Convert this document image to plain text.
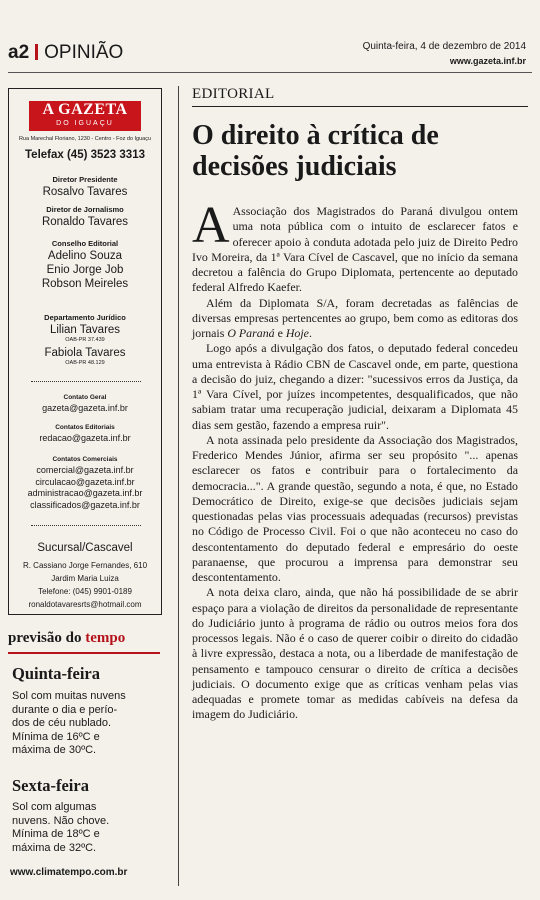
a2 OPINIÃO	Quinta-feira, 4 de dezembro de 2014
www.gazeta.inf.br
A GAZETA
DO IGUAÇU
Rua Marechal Floriano, 1230 - Centro - Foz do Iguaçu
Telefax (45) 3523 3313
Diretor Presidente
Rosalvo Tavares
Diretor de Jornalismo
Ronaldo Tavares
Conselho Editorial
Adelino Souza
Enio Jorge Job
Robson Meireles
Departamento Jurídico
Lilian Tavares
OAB-PR 37.439
Fabiola Tavares
OAB-PR 48.129
Contato Geral
gazeta@gazeta.inf.br
Contatos Editoriais
redacao@gazeta.inf.br
Contatos Comerciais
comercial@gazeta.inf.br
circulacao@gazeta.inf.br
administracao@gazeta.inf.br
classificados@gazeta.inf.br
Sucursal/Cascavel
R. Cassiano Jorge Fernandes, 610
Jardim Maria Luiza
Telefone: (045) 9901-0189
ronaldotavaresrts@hotmail.com
previsão do tempo
Quinta-feira
Sol com muitas nuvens
durante o dia e perío-
dos de céu nublado.
Mínima de 16ºC e
máxima de 30ºC.
Sexta-feira
Sol com algumas
nuvens. Não chove.
Mínima de 18ºC e
máxima de 32ºC.
www.climatempo.com.br
EDITORIAL
O direito à crítica de decisões judiciais

A Associação dos Magistrados do Paraná divulgou ontem uma nota pública com o intuito de esclarecer fatos e oferecer apoio à conduta adotada pelo juiz de Direito Pedro Ivo Moreira, da 1ª Vara Cível de Cascavel, que no início da semana decretou a falência do Grupo Diplomata, pertencente ao deputado federal Alfredo Kaefer.

Além da Diplomata S/A, foram decretadas as falências de diversas empresas pertencentes ao grupo, bem como as editoras dos jornais O Paraná e Hoje.

Logo após a divulgação dos fatos, o deputado federal concedeu uma entrevista à Rádio CBN de Cascavel onde, em parte, questiona a decisão do juiz, chegando a dizer: "sucessivos erros da Justiça, da 1ª Vara Cível, por juízes incompetentes, desqualificados, que não sabiam tratar uma recuperação judicial, deixaram a Diplomata 45 dias sem gestão, fazendo a empresa ruir".

A nota assinada pelo presidente da Associação dos Magistrados, Frederico Mendes Júnior, afirma ser seu propósito "... apenas esclarecer os fatos e contribuir para o fortalecimento da democracia...". A grande questão, segundo a nota, é que, no Estado Democrático de Direito, exige-se que decisões judiciais sejam questionadas pelas vias processuais adequadas (recursos) previstas no Código de Processo Civil. Foi o que não aconteceu no caso do descontentamento do deputado federal e empresário do oeste paranaense, que procurou a imprensa para demonstrar seu descontentamento.

A nota deixa claro, ainda, que não há possibilidade de se abrir espaço para a violação de direitos da personalidade de representante do Judiciário junto à programa de rádio ou outros meios fora dos processos legais. Não é o caso de querer coibir o direito do cidadão à livre expressão, destaca a nota, ou a liberdade de manifestação de pensamento e tampouco censurar o direito de crítica a decisões judiciais. O documento exige que as críticas venham pelas vias adequadas e promete tomar as medidas cabíveis na defesa da imagem do Judiciário.
